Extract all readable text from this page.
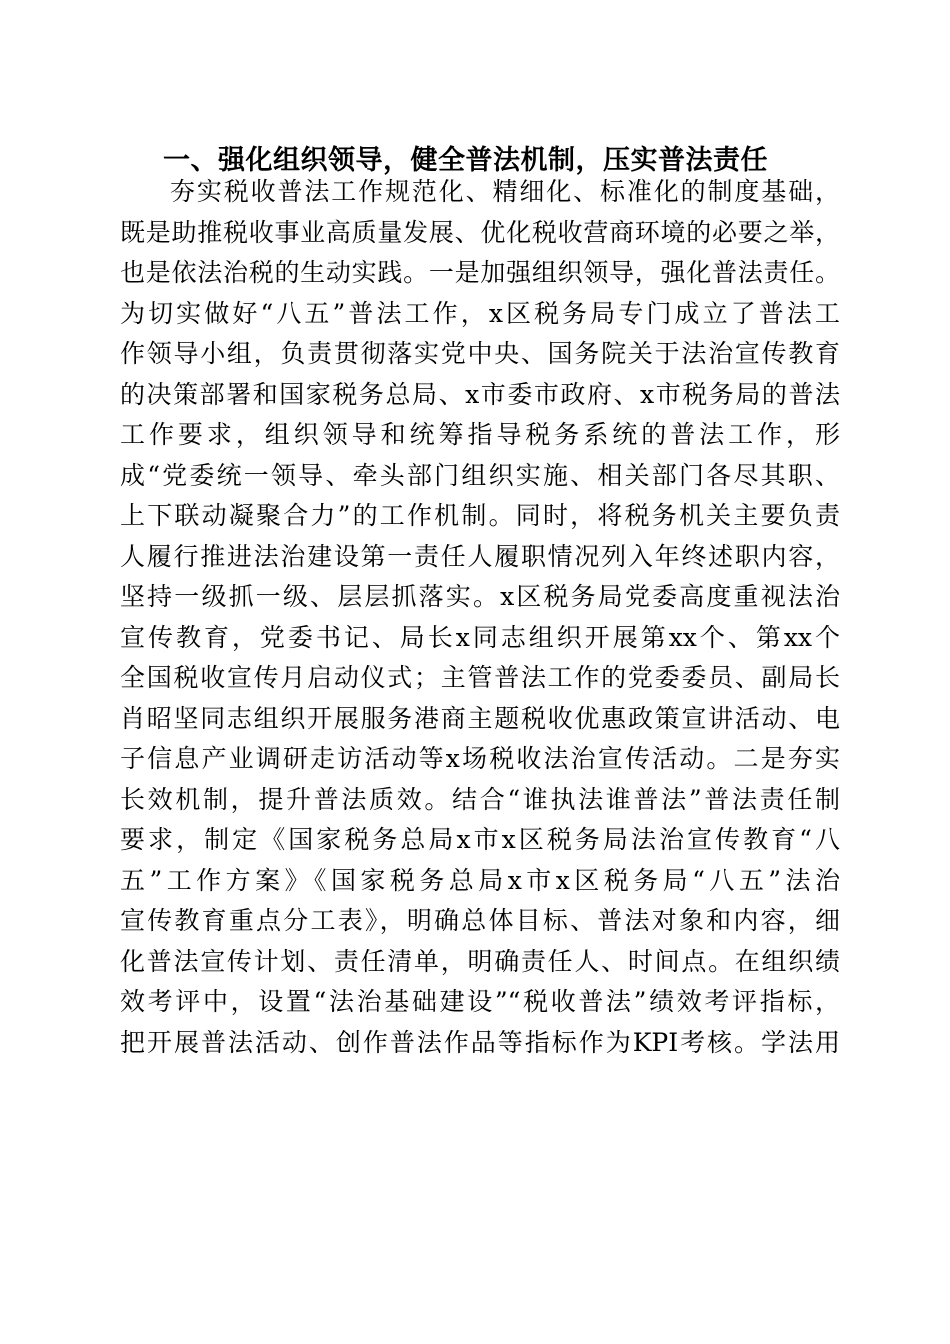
一、强化组织领导，健全普法机制，压实普法责任
夯实税收普法工作规范化、精细化、标准化的制度基础，
既是助推税收事业高质量发展、优化税收营商环境的必要之举，
也是依法治税的生动实践。一是加强组织领导，强化普法责任。
为切实做好“八五”普法工作，x区税务局专门成立了普法工
作领导小组，负责贯彻落实党中央、国务院关于法治宣传教育
的决策部署和国家税务总局、x市委市政府、x市税务局的普法
工作要求，组织领导和统筹指导税务系统的普法工作，形
成“党委统一领导、牵头部门组织实施、相关部门各尽其职、
上下联动凝聚合力”的工作机制。同时，将税务机关主要负责
人履行推进法治建设第一责任人履职情况列入年终述职内容，
坚持一级抓一级、层层抓落实。x区税务局党委高度重视法治
宣传教育，党委书记、局长x同志组织开展第xx个、第xx个
全国税收宣传月启动仪式；主管普法工作的党委委员、副局长
肖昭坚同志组织开展服务港商主题税收优惠政策宣讲活动、电
子信息产业调研走访活动等x场税收法治宣传活动。二是夯实
长效机制，提升普法质效。结合“谁执法谁普法”普法责任制
要求，制定《国家税务总局x市x区税务局法治宣传教育“八
五”工作方案》《国家税务总局x市x区税务局“八五”法治
宣传教育重点分工表》，明确总体目标、普法对象和内容，细
化普法宣传计划、责任清单，明确责任人、时间点。在组织绩
效考评中，设置“法治基础建设”“税收普法”绩效考评指标，
把开展普法活动、创作普法作品等指标作为KPI考核。学法用
